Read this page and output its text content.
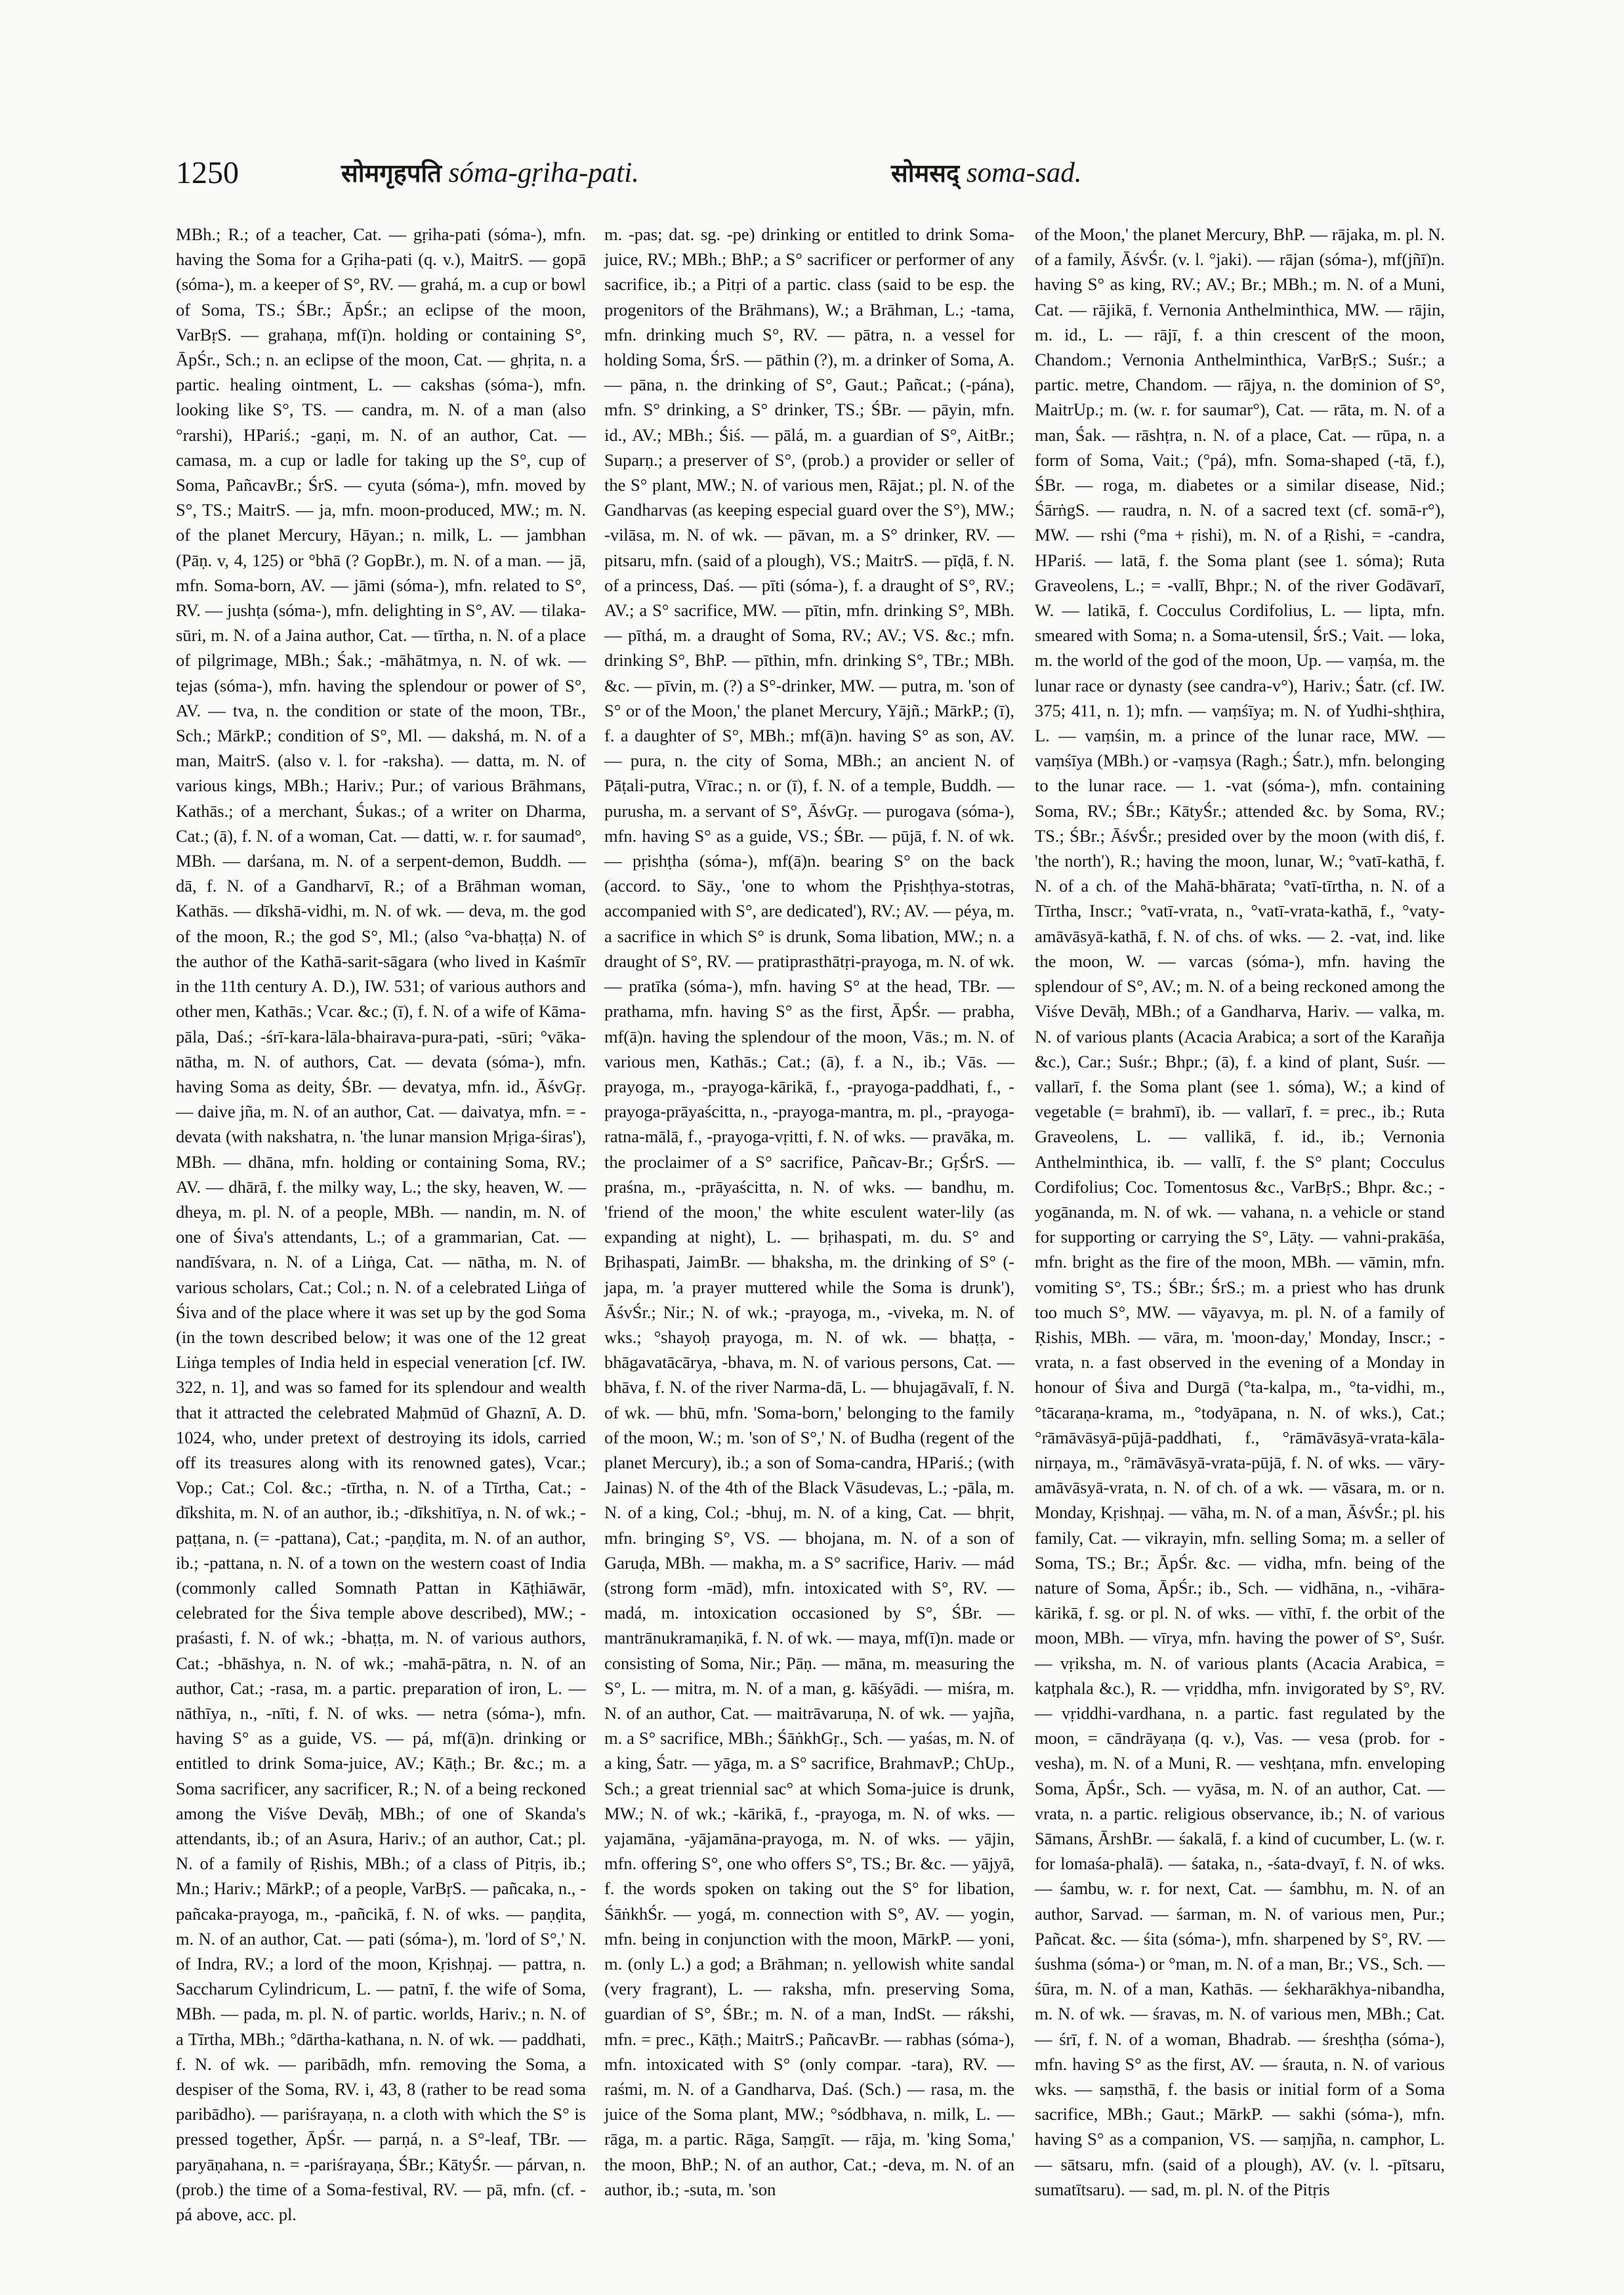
1250	सोमगृहपति sóma-gṛiha-pati.	सोमसद् soma-sad.

MBh.; R.; of a teacher, Cat. — gṛiha-pati (sóma-), mfn. having the Soma for a Gṛiha-pati (q. v.), MaitrS. — gopā (sóma-), m. a keeper of S°, RV. — grahá, m. a cup or bowl of Soma, TS.; ŚBr.; ĀpŚr.; an eclipse of the moon, VarBṛS. — grahaṇa, mf(ī)n. holding or containing S°, ĀpŚr., Sch.; n. an eclipse of the moon, Cat. — ghṛita, n. a partic. healing ointment, L. — cakshas (sóma-), mfn. looking like S°, TS. — candra, m. N. of a man (also °rarshi), HPariś.; -gaṇi, m. N. of an author, Cat. — camasa, m. a cup or ladle for taking up the S°, cup of Soma, PañcavBr.; ŚrS. — cyuta (sóma-), mfn. moved by S°, TS.; MaitrS. — ja, mfn. moon-produced, MW.; m. N. of the planet Mercury, Hāyan.; n. milk, L. — jambhan (Pāṇ. v, 4, 125) or °bhā (? GopBr.), m. N. of a man. — jā, mfn. Soma-born, AV. — jāmi (sóma-), mfn. related to S°, RV. — jushṭa (sóma-), mfn. delighting in S°, AV. — tilaka-sūri, m. N. of a Jaina author, Cat. — tīrtha, n. N. of a place of pilgrimage, MBh.; Śak.; -māhātmya, n. N. of wk. — tejas (sóma-), mfn. having the splendour or power of S°, AV. — tva, n. the condition or state of the moon, TBr., Sch.; MārkP.; condition of S°, Ml. — dakshá, m. N. of a man, MaitrS. (also v. l. for -raksha). — datta, m. N. of various kings, MBh.; Hariv.; Pur.; of various Brāhmans, Kathās.; of a merchant, Śukas.; of a writer on Dharma, Cat.; (ā), f. N. of a woman, Cat. — datti, w. r. for saumad°, MBh. — darśana, m. N. of a serpent-demon, Buddh. — dā, f. N. of a Gandharvī, R.; of a Brāhman woman, Kathās. — dīkshā-vidhi, m. N. of wk. — deva, m. the god of the moon, R.; the god S°, Ml.; (also °va-bhaṭṭa) N. of the author of the Kathā-sarit-sāgara (who lived in Kaśmīr in the 11th century A. D.), IW. 531; of various authors and other men, Kathās.; Vcar. &c.; (ī), f. N. of a wife of Kāma-pāla, Daś.; -śrī-kara-lāla-bhairava-pura-pati, -sūri; °vāka-nātha, m. N. of authors, Cat. — devata (sóma-), mfn. having Soma as deity, ŚBr. — devatya, mfn. id., ĀśvGṛ. — daive jña, m. N. of an author, Cat. — daivatya, mfn. = -devata (with nakshatra, n. 'the lunar mansion Mṛiga-śiras'), MBh. — dhāna, mfn. holding or containing Soma, RV.; AV. — dhārā, f. the milky way, L.; the sky, heaven, W. — dheya, m. pl. N. of a people, MBh. — nandin, m. N. of one of Śiva's attendants, L.; of a grammarian, Cat. — nandīśvara, n. N. of a Liṅga, Cat. — nātha, m. N. of various scholars, Cat.; Col.; n. N. of a celebrated Liṅga of Śiva and of the place where it was set up by the god Soma (in the town described below; it was one of the 12 great Liṅga temples of India held in especial veneration [cf. IW. 322, n. 1], and was so famed for its splendour and wealth that it attracted the celebrated Maḥmūd of Ghaznī, A. D. 1024, who, under pretext of destroying its idols, carried off its treasures along with its renowned gates), Vcar.; Vop.; Cat.; Col. &c.; -tīrtha, n. N. of a Tīrtha, Cat.; -dīkshita, m. N. of an author, ib.; -dīkshitīya, n. N. of wk.; -paṭṭana, n. (= -pattana), Cat.; -paṇḍita, m. N. of an author, ib.; -pattana, n. N. of a town on the western coast of India (commonly called Somnath Pattan in Kāṭhiāwār, celebrated for the Śiva temple above described), MW.; -praśasti, f. N. of wk.; -bhaṭṭa, m. N. of various authors, Cat.; -bhāshya, n. N. of wk.; -mahā-pātra, n. N. of an author, Cat.; -rasa, m. a partic. preparation of iron, L. — nāthīya, n., -nīti, f. N. of wks. — netra (sóma-), mfn. having S° as a guide, VS. — pá, mf(ā)n. drinking or entitled to drink Soma-juice, AV.; Kāṭh.; Br. &c.; m. a Soma sacrificer, any sacrificer, R.; N. of a being reckoned among the Viśve Devāḥ, MBh.; of one of Skanda's attendants, ib.; of an Asura, Hariv.; of an author, Cat.; pl. N. of a family of Ṛishis, MBh.; of a class of Pitṛis, ib.; Mn.; Hariv.; MārkP.; of a people, VarBṛS. — pañcaka, n., -pañcaka-prayoga, m., -pañcikā, f. N. of wks. — paṇḍita, m. N. of an author, Cat. — pati (sóma-), m. 'lord of S°,' N. of Indra, RV.; a lord of the moon, Kṛishṇaj. — pattra, n. Saccharum Cylindricum, L. — patnī, f. the wife of Soma, MBh. — pada, m. pl. N. of partic. worlds, Hariv.; n. N. of a Tīrtha, MBh.; °dārtha-kathana, n. N. of wk. — paddhati, f. N. of wk. — paribādh, mfn. removing the Soma, a despiser of the Soma, RV. i, 43, 8 (rather to be read soma paribādho). — pariśrayaṇa, n. a cloth with which the S° is pressed together, ĀpŚr. — parṇá, n. a S°-leaf, TBr. — paryāṇahana, n. = -pariśrayaṇa, ŚBr.; KātyŚr. — párvan, n. (prob.) the time of a Soma-festival, RV. — pā, mfn. (cf. -pá above, acc. pl.

m. -pas; dat. sg. -pe) drinking or entitled to drink Soma-juice, RV.; MBh.; BhP.; a S° sacrificer or performer of any sacrifice, ib.; a Pitṛi of a partic. class (said to be esp. the progenitors of the Brāhmans), W.; a Brāhman, L.; -tama, mfn. drinking much S°, RV. — pātra, n. a vessel for holding Soma, ŚrS. — pāthin (?), m. a drinker of Soma, A. — pāna, n. the drinking of S°, Gaut.; Pañcat.; (-pána), mfn. S° drinking, a S° drinker, TS.; ŚBr. — pāyin, mfn. id., AV.; MBh.; Śiś. — pālá, m. a guardian of S°, AitBr.; Suparṇ.; a preserver of S°, (prob.) a provider or seller of the S° plant, MW.; N. of various men, Rājat.; pl. N. of the Gandharvas (as keeping especial guard over the S°), MW.; -vilāsa, m. N. of wk. — pāvan, m. a S° drinker, RV. — pitsaru, mfn. (said of a plough), VS.; MaitrS. — pīḍā, f. N. of a princess, Daś. — pīti (sóma-), f. a draught of S°, RV.; AV.; a S° sacrifice, MW. — pītin, mfn. drinking S°, MBh. — pīthá, m. a draught of Soma, RV.; AV.; VS. &c.; mfn. drinking S°, BhP. — pīthin, mfn. drinking S°, TBr.; MBh. &c. — pīvin, m. (?) a S°-drinker, MW. — putra, m. 'son of S° or of the Moon,' the planet Mercury, Yājñ.; MārkP.; (ī), f. a daughter of S°, MBh.; mf(ā)n. having S° as son, AV. — pura, n. the city of Soma, MBh.; an ancient N. of Pāṭali-putra, Vīrac.; n. or (ī), f. N. of a temple, Buddh. — purusha, m. a servant of S°, ĀśvGṛ. — purogava (sóma-), mfn. having S° as a guide, VS.; ŚBr. — pūjā, f. N. of wk. — pṛishṭha (sóma-), mf(ā)n. bearing S° on the back (accord. to Sāy., 'one to whom the Pṛishṭhya-stotras, accompanied with S°, are dedicated'), RV.; AV. — péya, m. a sacrifice in which S° is drunk, Soma libation, MW.; n. a draught of S°, RV. — pratiprasthātṛi-prayoga, m. N. of wk. — pratīka (sóma-), mfn. having S° at the head, TBr. — prathama, mfn. having S° as the first, ĀpŚr. — prabha, mf(ā)n. having the splendour of the moon, Vās.; m. N. of various men, Kathās.; Cat.; (ā), f. a N., ib.; Vās. — prayoga, m., -prayoga-kārikā, f., -prayoga-paddhati, f., -prayoga-prāyaścitta, n., -prayoga-mantra, m. pl., -prayoga-ratna-mālā, f., -prayoga-vṛitti, f. N. of wks. — pravāka, m. the proclaimer of a S° sacrifice, Pañcav-Br.; GṛŚrS. — praśna, m., -prāyaścitta, n. N. of wks. — bandhu, m. 'friend of the moon,' the white esculent water-lily (as expanding at night), L. — bṛihaspati, m. du. S° and Bṛihaspati, JaimBr. — bhaksha, m. the drinking of S° (-japa, m. 'a prayer muttered while the Soma is drunk'), ĀśvŚr.; Nir.; N. of wk.; -prayoga, m., -viveka, m. N. of wks.; °shayoḥ prayoga, m. N. of wk. — bhaṭṭa, -bhāgavatācārya, -bhava, m. N. of various persons, Cat. — bhāva, f. N. of the river Narma-dā, L. — bhujagāvalī, f. N. of wk. — bhū, mfn. 'Soma-born,' belonging to the family of the moon, W.; m. 'son of S°,' N. of Budha (regent of the planet Mercury), ib.; a son of Soma-candra, HPariś.; (with Jainas) N. of the 4th of the Black Vāsudevas, L.; -pāla, m. N. of a king, Col.; -bhuj, m. N. of a king, Cat. — bhṛit, mfn. bringing S°, VS. — bhojana, m. N. of a son of Garuḍa, MBh. — makha, m. a S° sacrifice, Hariv. — mád (strong form -mād), mfn. intoxicated with S°, RV. — madá, m. intoxication occasioned by S°, ŚBr. — mantrānukramaṇikā, f. N. of wk. — maya, mf(ī)n. made or consisting of Soma, Nir.; Pāṇ. — māna, m. measuring the S°, L. — mitra, m. N. of a man, g. kāśyādi. — miśra, m. N. of an author, Cat. — maitrāvaruṇa, N. of wk. — yajña, m. a S° sacrifice, MBh.; ŚāṅkhGṛ., Sch. — yaśas, m. N. of a king, Śatr. — yāga, m. a S° sacrifice, BrahmavP.; ChUp., Sch.; a great triennial sac° at which Soma-juice is drunk, MW.; N. of wk.; -kārikā, f., -prayoga, m. N. of wks. — yajamāna, -yājamāna-prayoga, m. N. of wks. — yājin, mfn. offering S°, one who offers S°, TS.; Br. &c. — yājyā, f. the words spoken on taking out the S° for libation, ŚāṅkhŚr. — yogá, m. connection with S°, AV. — yogin, mfn. being in conjunction with the moon, MārkP. — yoni, m. (only L.) a god; a Brāhman; n. yellowish white sandal (very fragrant), L. — raksha, mfn. preserving Soma, guardian of S°, ŚBr.; m. N. of a man, IndSt. — rákshi, mfn. = prec., Kāṭh.; MaitrS.; PañcavBr. — rabhas (sóma-), mfn. intoxicated with S° (only compar. -tara), RV. — raśmi, m. N. of a Gandharva, Daś. (Sch.) — rasa, m. the juice of the Soma plant, MW.; °sódbhava, n. milk, L. — rāga, m. a partic. Rāga, Saṃgīt. — rāja, m. 'king Soma,' the moon, BhP.; N. of an author, Cat.; -deva, m. N. of an author, ib.; -suta, m. 'son

of the Moon,' the planet Mercury, BhP. — rājaka, m. pl. N. of a family, ĀśvŚr. (v. l. °jaki). — rājan (sóma-), mf(jñī)n. having S° as king, RV.; AV.; Br.; MBh.; m. N. of a Muni, Cat. — rājikā, f. Vernonia Anthelminthica, MW. — rājin, m. id., L. — rājī, f. a thin crescent of the moon, Chandom.; Vernonia Anthelminthica, VarBṛS.; Suśr.; a partic. metre, Chandom. — rājya, n. the dominion of S°, MaitrUp.; m. (w. r. for saumar°), Cat. — rāta, m. N. of a man, Śak. — rāshṭra, n. N. of a place, Cat. — rūpa, n. a form of Soma, Vait.; (°pá), mfn. Soma-shaped (-tā, f.), ŚBr. — roga, m. diabetes or a similar disease, Nid.; ŚārṅgS. — raudra, n. N. of a sacred text (cf. somā-r°), MW. — rshi (°ma + ṛishi), m. N. of a Ṛishi, = -candra, HPariś. — latā, f. the Soma plant (see 1. sóma); Ruta Graveolens, L.; = -vallī, Bhpr.; N. of the river Godāvarī, W. — latikā, f. Cocculus Cordifolius, L. — lipta, mfn. smeared with Soma; n. a Soma-utensil, ŚrS.; Vait. — loka, m. the world of the god of the moon, Up. — vaṃśa, m. the lunar race or dynasty (see candra-v°), Hariv.; Śatr. (cf. IW. 375; 411, n. 1); mfn. — vaṃśīya; m. N. of Yudhi-shṭhira, L. — vaṃśin, m. a prince of the lunar race, MW. — vaṃśīya (MBh.) or -vaṃsya (Ragh.; Śatr.), mfn. belonging to the lunar race. — 1. -vat (sóma-), mfn. containing Soma, RV.; ŚBr.; KātyŚr.; attended &c. by Soma, RV.; TS.; ŚBr.; ĀśvŚr.; presided over by the moon (with diś, f. 'the north'), R.; having the moon, lunar, W.; °vatī-kathā, f. N. of a ch. of the Mahā-bhārata; °vatī-tīrtha, n. N. of a Tīrtha, Inscr.; °vatī-vrata, n., °vatī-vrata-kathā, f., °vaty-amāvāsyā-kathā, f. N. of chs. of wks. — 2. -vat, ind. like the moon, W. — varcas (sóma-), mfn. having the splendour of S°, AV.; m. N. of a being reckoned among the Viśve Devāḥ, MBh.; of a Gandharva, Hariv. — valka, m. N. of various plants (Acacia Arabica; a sort of the Karañja &c.), Car.; Suśr.; Bhpr.; (ā), f. a kind of plant, Suśr. — vallarī, f. the Soma plant (see 1. sóma), W.; a kind of vegetable (= brahmī), ib. — vallarī, f. = prec., ib.; Ruta Graveolens, L. — vallikā, f. id., ib.; Vernonia Anthelminthica, ib. — vallī, f. the S° plant; Cocculus Cordifolius; Coc. Tomentosus &c., VarBṛS.; Bhpr. &c.; -yogānanda, m. N. of wk. — vahana, n. a vehicle or stand for supporting or carrying the S°, Lāṭy. — vahni-prakāśa, mfn. bright as the fire of the moon, MBh. — vāmin, mfn. vomiting S°, TS.; ŚBr.; ŚrS.; m. a priest who has drunk too much S°, MW. — vāyavya, m. pl. N. of a family of Ṛishis, MBh. — vāra, m. 'moon-day,' Monday, Inscr.; -vrata, n. a fast observed in the evening of a Monday in honour of Śiva and Durgā (°ta-kalpa, m., °ta-vidhi, m., °tācaraṇa-krama, m., °todyāpana, n. N. of wks.), Cat.; °rāmāvāsyā-pūjā-paddhati, f., °rāmāvāsyā-vrata-kāla-nirṇaya, m., °rāmāvāsyā-vrata-pūjā, f. N. of wks. — vāry-amāvāsyā-vrata, n. N. of ch. of a wk. — vāsara, m. or n. Monday, Kṛishṇaj. — vāha, m. N. of a man, ĀśvŚr.; pl. his family, Cat. — vikrayin, mfn. selling Soma; m. a seller of Soma, TS.; Br.; ĀpŚr. &c. — vidha, mfn. being of the nature of Soma, ĀpŚr.; ib., Sch. — vidhāna, n., -vihāra-kārikā, f. sg. or pl. N. of wks. — vīthī, f. the orbit of the moon, MBh. — vīrya, mfn. having the power of S°, Suśr. — vṛiksha, m. N. of various plants (Acacia Arabica, = kaṭphala &c.), R. — vṛiddha, mfn. invigorated by S°, RV. — vṛiddhi-vardhana, n. a partic. fast regulated by the moon, = cāndrāyaṇa (q. v.), Vas. — vesa (prob. for -vesha), m. N. of a Muni, R. — veshṭana, mfn. enveloping Soma, ĀpŚr., Sch. — vyāsa, m. N. of an author, Cat. — vrata, n. a partic. religious observance, ib.; N. of various Sāmans, ĀrshBr. — śakalā, f. a kind of cucumber, L. (w. r. for lomaśa-phalā). — śataka, n., -śata-dvayī, f. N. of wks. — śambu, w. r. for next, Cat. — śambhu, m. N. of an author, Sarvad. — śarman, m. N. of various men, Pur.; Pañcat. &c. — śita (sóma-), mfn. sharpened by S°, RV. — śushma (sóma-) or °man, m. N. of a man, Br.; VS., Sch. — śūra, m. N. of a man, Kathās. — śekharākhya-nibandha, m. N. of wk. — śravas, m. N. of various men, MBh.; Cat. — śrī, f. N. of a woman, Bhadrab. — śreshṭha (sóma-), mfn. having S° as the first, AV. — śrauta, n. N. of various wks. — saṃsthā, f. the basis or initial form of a Soma sacrifice, MBh.; Gaut.; MārkP. — sakhi (sóma-), mfn. having S° as a companion, VS. — saṃjña, n. camphor, L. — sātsaru, mfn. (said of a plough), AV. (v. l. -pītsaru, sumatītsaru). — sad, m. pl. N. of the Pitṛis
